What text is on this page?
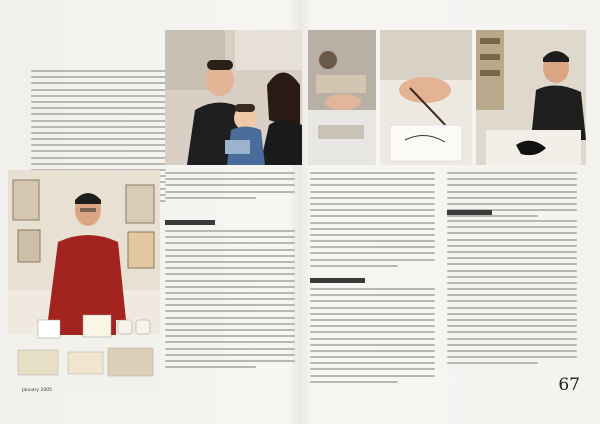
January 2005	67
